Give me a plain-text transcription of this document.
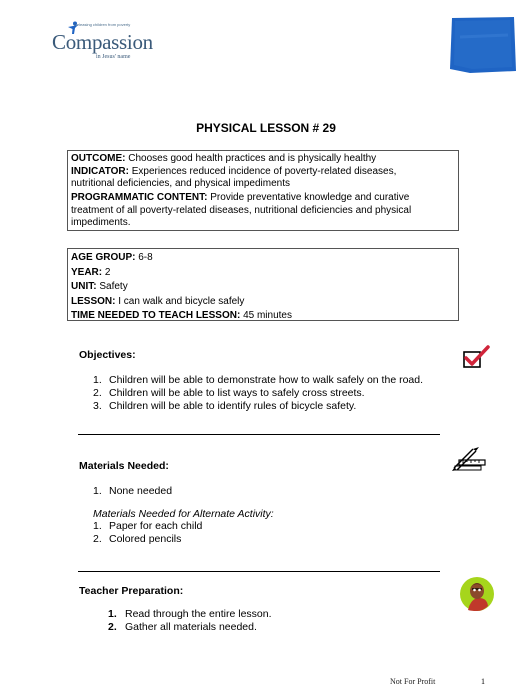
Releasing children from poverty
Compassion
in Jesus' name
PHYSICAL LESSON # 29
OUTCOME: Chooses good health practices and is physically healthy
INDICATOR: Experiences reduced incidence of poverty-related diseases,
nutritional deficiencies, and physical impediments
PROGRAMMATIC CONTENT: Provide preventative knowledge and curative
treatment of all poverty-related diseases, nutritional deficiencies and physical
impediments.
AGE GROUP: 6-8
YEAR: 2
UNIT: Safety
LESSON: I can walk and bicycle safely
TIME NEEDED TO TEACH LESSON: 45 minutes
Objectives:
1. Children will be able to demonstrate how to walk safely on the road.
2. Children will be able to list ways to safely cross streets.
3. Children will be able to identify rules of bicycle safety.
Materials Needed:
1. None needed
Materials Needed for Alternate Activity:
1. Paper for each child
2. Colored pencils
Teacher Preparation:
1. Read through the entire lesson.
2. Gather all materials needed.
Not For Profit	1
